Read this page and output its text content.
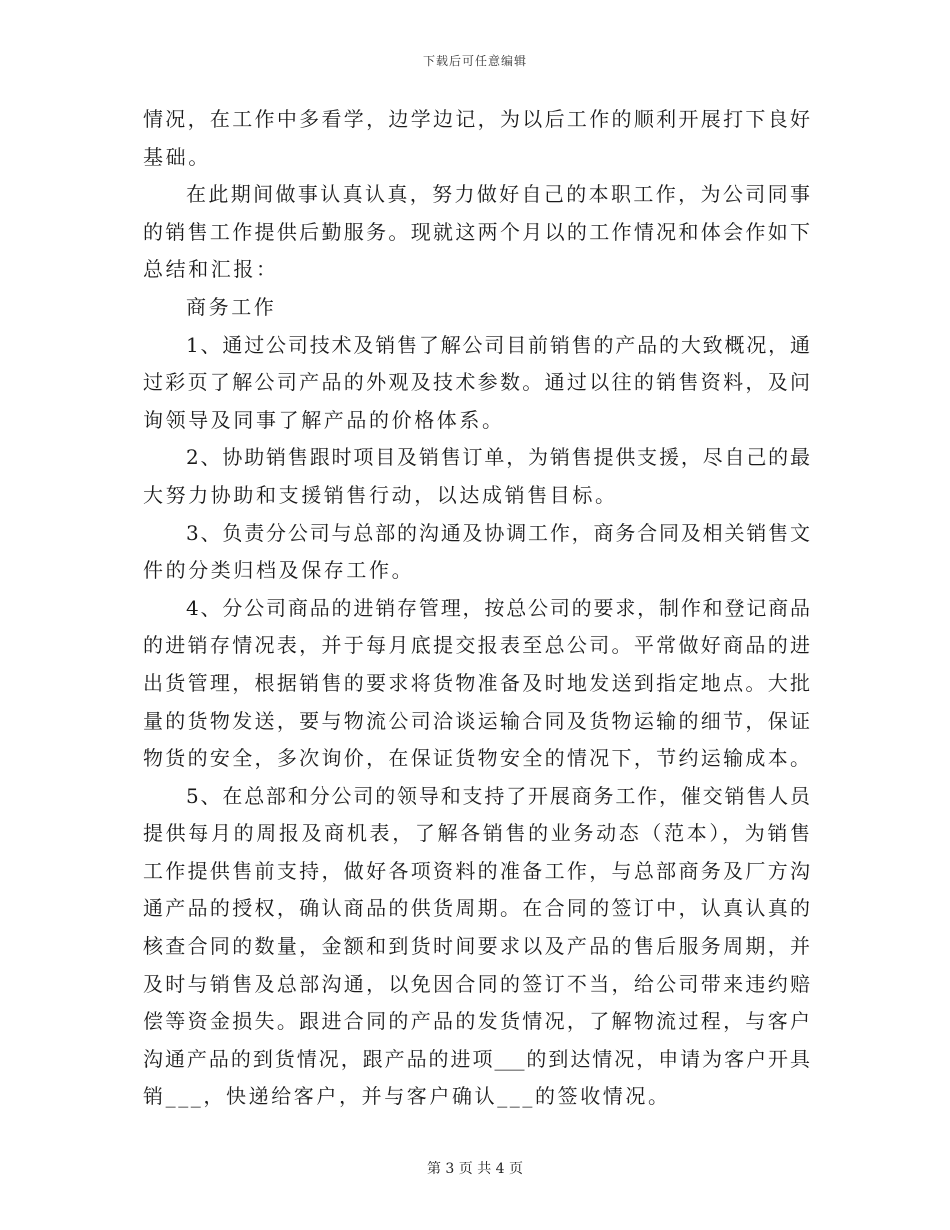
下载后可任意编辑
情况，在工作中多看学，边学边记，为以后工作的顺利开展打下良好
基础。
在此期间做事认真认真，努力做好自己的本职工作，为公司同事
的销售工作提供后勤服务。现就这两个月以的工作情况和体会作如下
总结和汇报：
商务工作
1、通过公司技术及销售了解公司目前销售的产品的大致概况，通
过彩页了解公司产品的外观及技术参数。通过以往的销售资料，及问
询领导及同事了解产品的价格体系。
2、协助销售跟时项目及销售订单，为销售提供支援，尽自己的最
大努力协助和支援销售行动，以达成销售目标。
3、负责分公司与总部的沟通及协调工作，商务合同及相关销售文
件的分类归档及保存工作。
4、分公司商品的进销存管理，按总公司的要求，制作和登记商品
的进销存情况表，并于每月底提交报表至总公司。平常做好商品的进
出货管理，根据销售的要求将货物准备及时地发送到指定地点。大批
量的货物发送，要与物流公司洽谈运输合同及货物运输的细节，保证
物货的安全，多次询价，在保证货物安全的情况下，节约运输成本。
5、在总部和分公司的领导和支持了开展商务工作，催交销售人员
提供每月的周报及商机表，了解各销售的业务动态（范本），为销售
工作提供售前支持，做好各项资料的准备工作，与总部商务及厂方沟
通产品的授权，确认商品的供货周期。在合同的签订中，认真认真的
核查合同的数量，金额和到货时间要求以及产品的售后服务周期，并
及时与销售及总部沟通，以免因合同的签订不当，给公司带来违约赔
偿等资金损失。跟进合同的产品的发货情况，了解物流过程，与客户
沟通产品的到货情况，跟产品的进项___的到达情况，申请为客户开具
销___，快递给客户，并与客户确认___的签收情况。
第 3 页 共 4 页
